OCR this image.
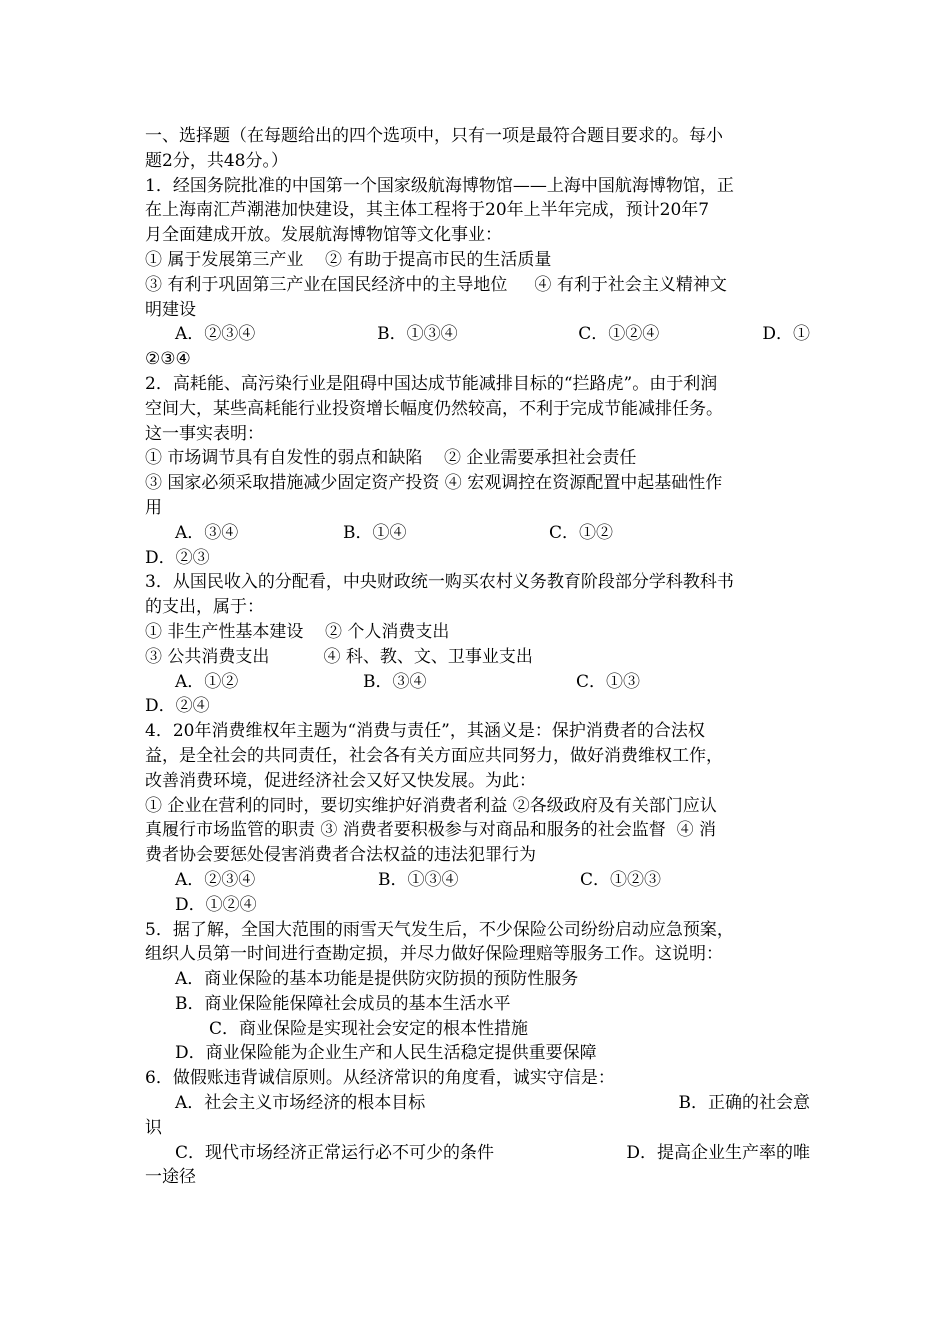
一、选择题（在每题给出的四个选项中，只有一项是最符合题目要求的。每小
题2分，共48分。）
1．经国务院批准的中国第一个国家级航海博物馆——上海中国航海博物馆，正
在上海南汇芦潮港加快建设，其主体工程将于20年上半年完成，预计20年7
月全面建成开放。发展航海博物馆等文化事业：
① 属于发展第三产业    ② 有助于提高市民的生活质量
③ 有利于巩固第三产业在国民经济中的主导地位     ④ 有利于社会主义精神文
明建设
A．②③④	B．①③④	C．①②④	D．①
②③④
2．高耗能、高污染行业是阻碍中国达成节能减排目标的“拦路虎”。由于利润
空间大，某些高耗能行业投资增长幅度仍然较高，不利于完成节能减排任务。
这一事实表明：
① 市场调节具有自发性的弱点和缺陷    ② 企业需要承担社会责任
③ 国家必须采取措施减少固定资产投资 ④ 宏观调控在资源配置中起基础性作
用
A．③④	B．①④	C．①②
D．②③
3．从国民收入的分配看，中央财政统一购买农村义务教育阶段部分学科教科书
的支出，属于：
① 非生产性基本建设    ② 个人消费支出
③ 公共消费支出          ④ 科、教、文、卫事业支出
A．①②	B．③④	C．①③
D．②④
4．20年消费维权年主题为“消费与责任”，其涵义是：保护消费者的合法权
益，是全社会的共同责任，社会各有关方面应共同努力，做好消费维权工作，
改善消费环境，促进经济社会又好又快发展。为此：
① 企业在营利的同时，要切实维护好消费者利益 ②各级政府及有关部门应认
真履行市场监管的职责 ③ 消费者要积极参与对商品和服务的社会监督  ④ 消
费者协会要惩处侵害消费者合法权益的违法犯罪行为
A．②③④	B．①③④	C．①②③
D．①②④
5．据了解，全国大范围的雨雪天气发生后，不少保险公司纷纷启动应急预案，
组织人员第一时间进行查勘定损，并尽力做好保险理赔等服务工作。这说明：
A．商业保险的基本功能是提供防灾防损的预防性服务
B．商业保险能保障社会成员的基本生活水平
C．商业保险是实现社会安定的根本性措施
D．商业保险能为企业生产和人民生活稳定提供重要保障
6．做假账违背诚信原则。从经济常识的角度看，诚实守信是：
A．社会主义市场经济的根本目标	B．正确的社会意
识
C．现代市场经济正常运行必不可少的条件	D．提高企业生产率的唯
一途径
